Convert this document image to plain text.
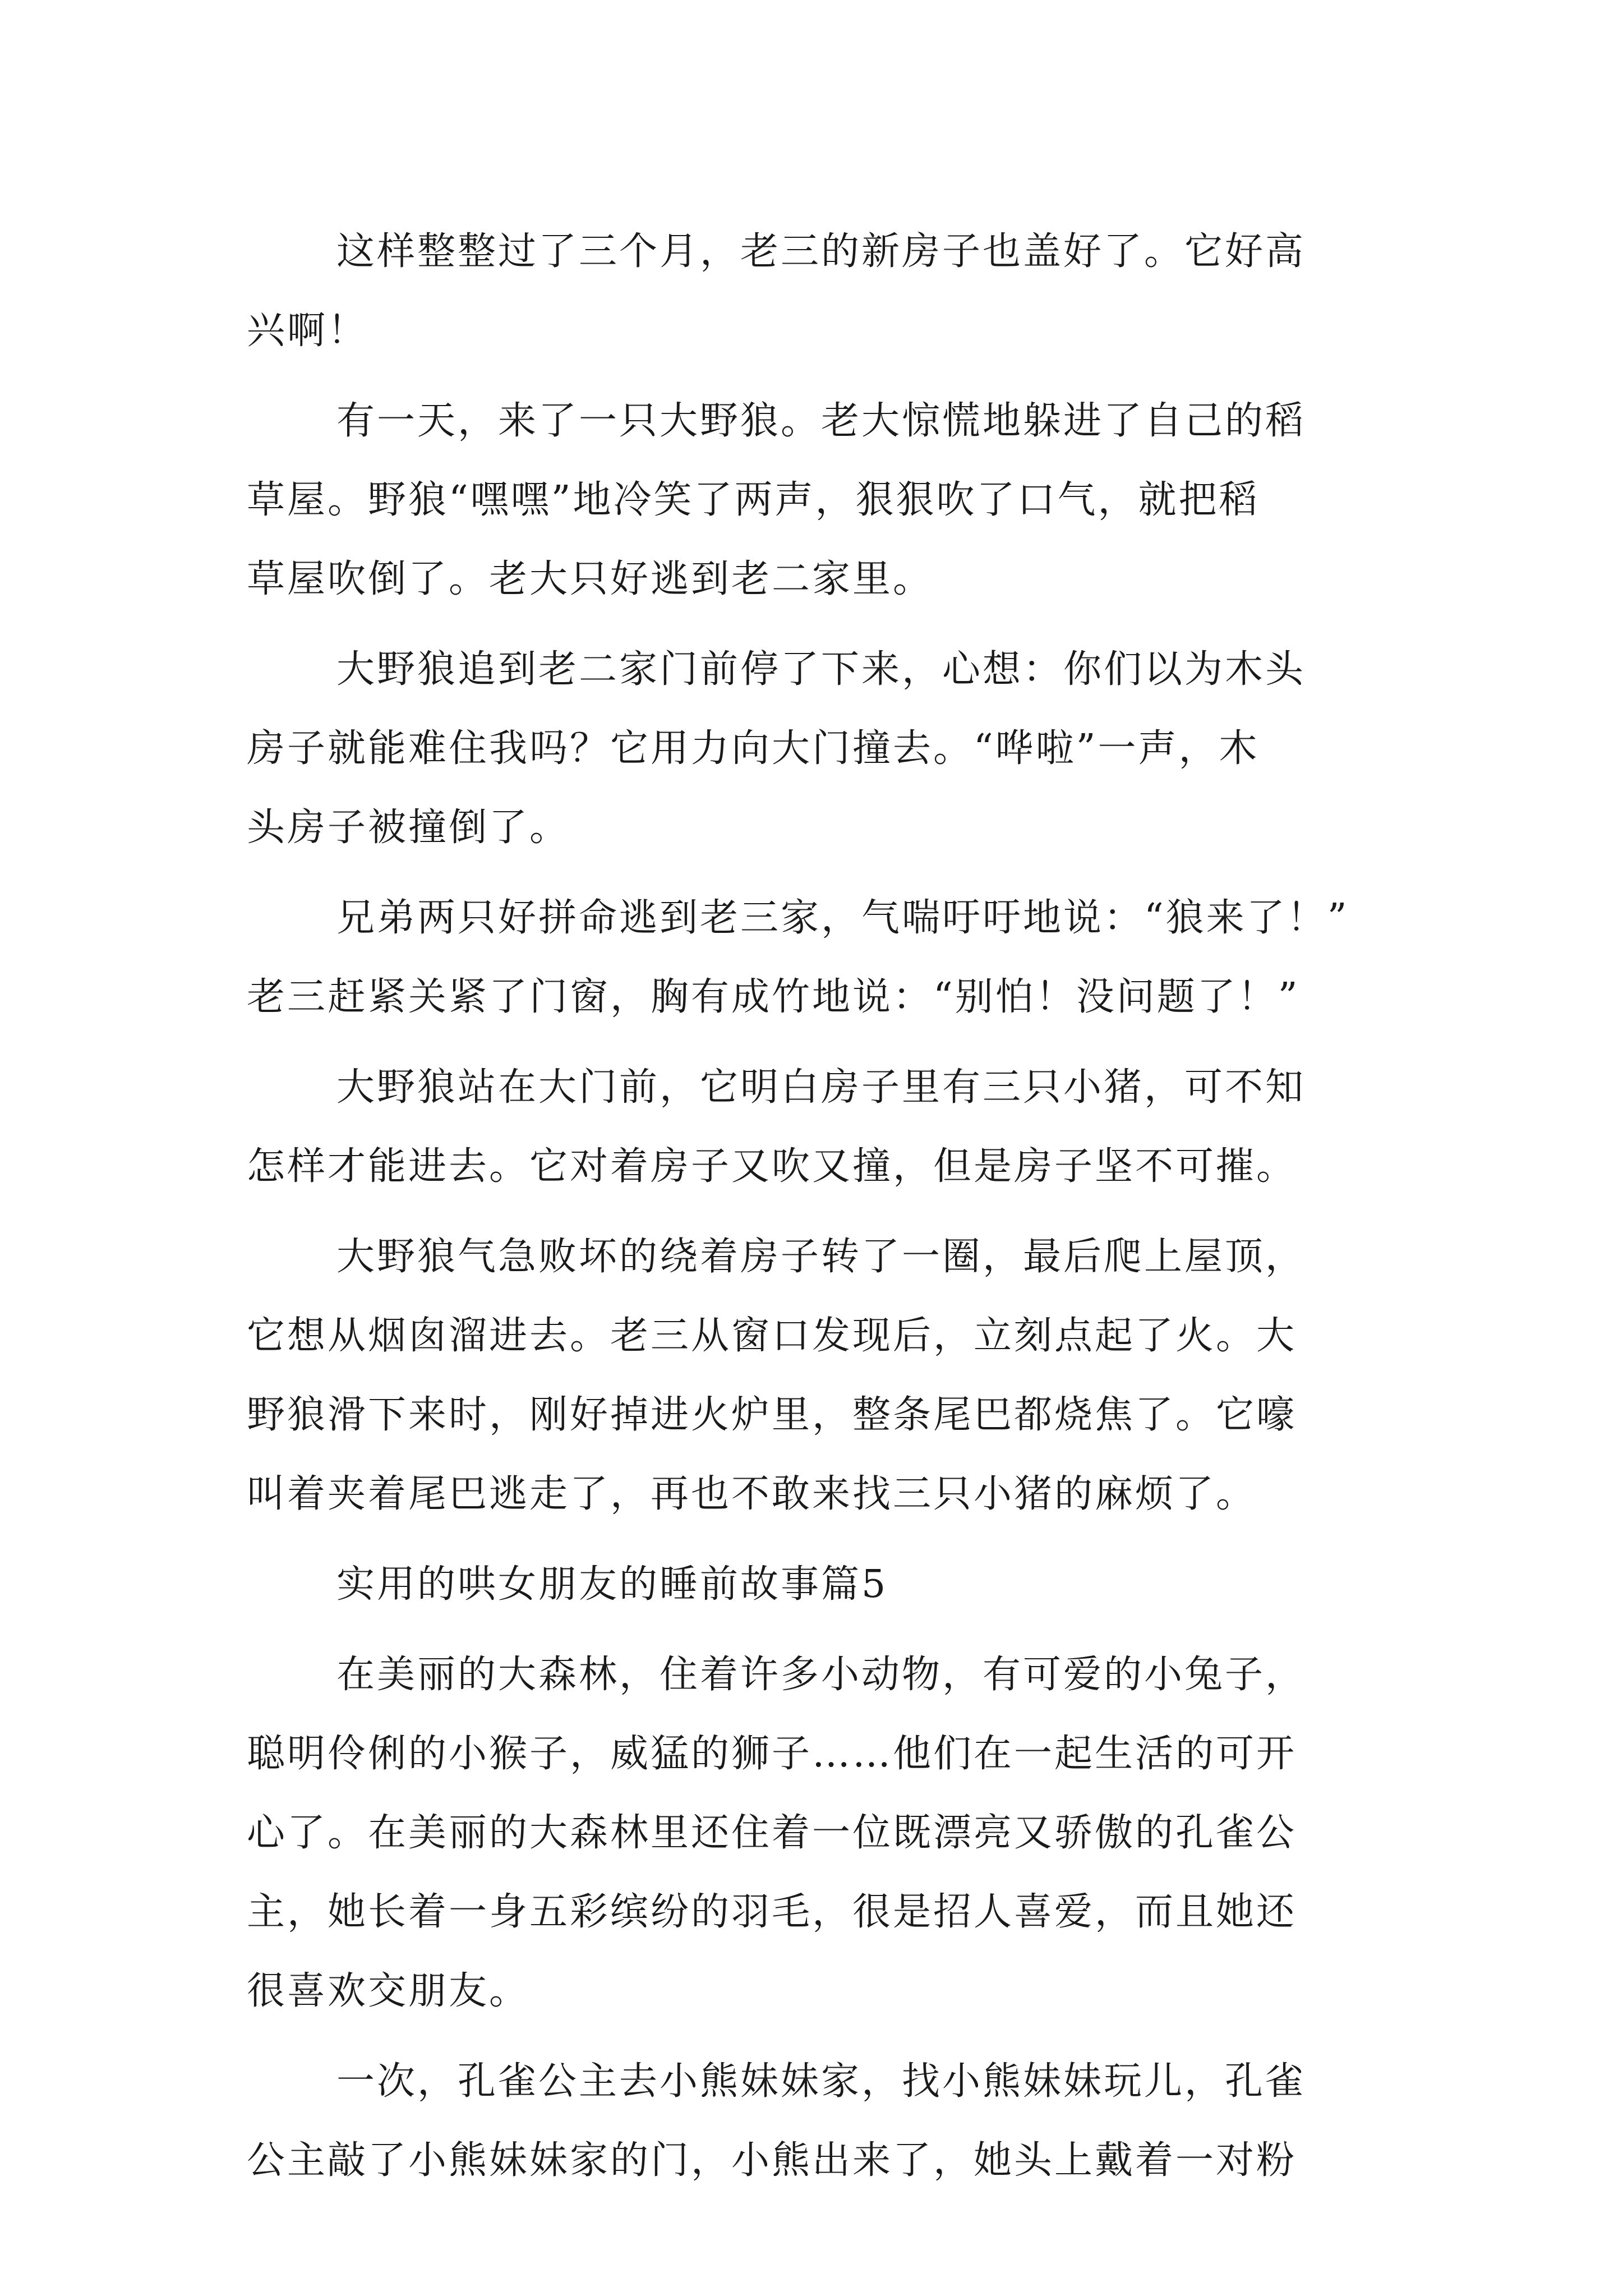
这样整整过了三个月，老三的新房子也盖好了。它好高
兴啊！
有一天，来了一只大野狼。老大惊慌地躲进了自己的稻
草屋。野狼“嘿嘿”地冷笑了两声，狠狠吹了口气，就把稻
草屋吹倒了。老大只好逃到老二家里。
大野狼追到老二家门前停了下来，心想：你们以为木头
房子就能难住我吗？它用力向大门撞去。“哗啦”一声，木
头房子被撞倒了。
兄弟两只好拼命逃到老三家，气喘吁吁地说：“狼来了！”
老三赶紧关紧了门窗，胸有成竹地说：“别怕！没问题了！”
大野狼站在大门前，它明白房子里有三只小猪，可不知
怎样才能进去。它对着房子又吹又撞，但是房子坚不可摧。
大野狼气急败坏的绕着房子转了一圈，最后爬上屋顶，
它想从烟囱溜进去。老三从窗口发现后，立刻点起了火。大
野狼滑下来时，刚好掉进火炉里，整条尾巴都烧焦了。它嚎
叫着夹着尾巴逃走了，再也不敢来找三只小猪的麻烦了。
实用的哄女朋友的睡前故事篇5
在美丽的大森林，住着许多小动物，有可爱的小兔子，
聪明伶俐的小猴子，威猛的狮子……他们在一起生活的可开
心了。在美丽的大森林里还住着一位既漂亮又骄傲的孔雀公
主，她长着一身五彩缤纷的羽毛，很是招人喜爱，而且她还
很喜欢交朋友。
一次，孔雀公主去小熊妹妹家，找小熊妹妹玩儿，孔雀
公主敲了小熊妹妹家的门，小熊出来了，她头上戴着一对粉
